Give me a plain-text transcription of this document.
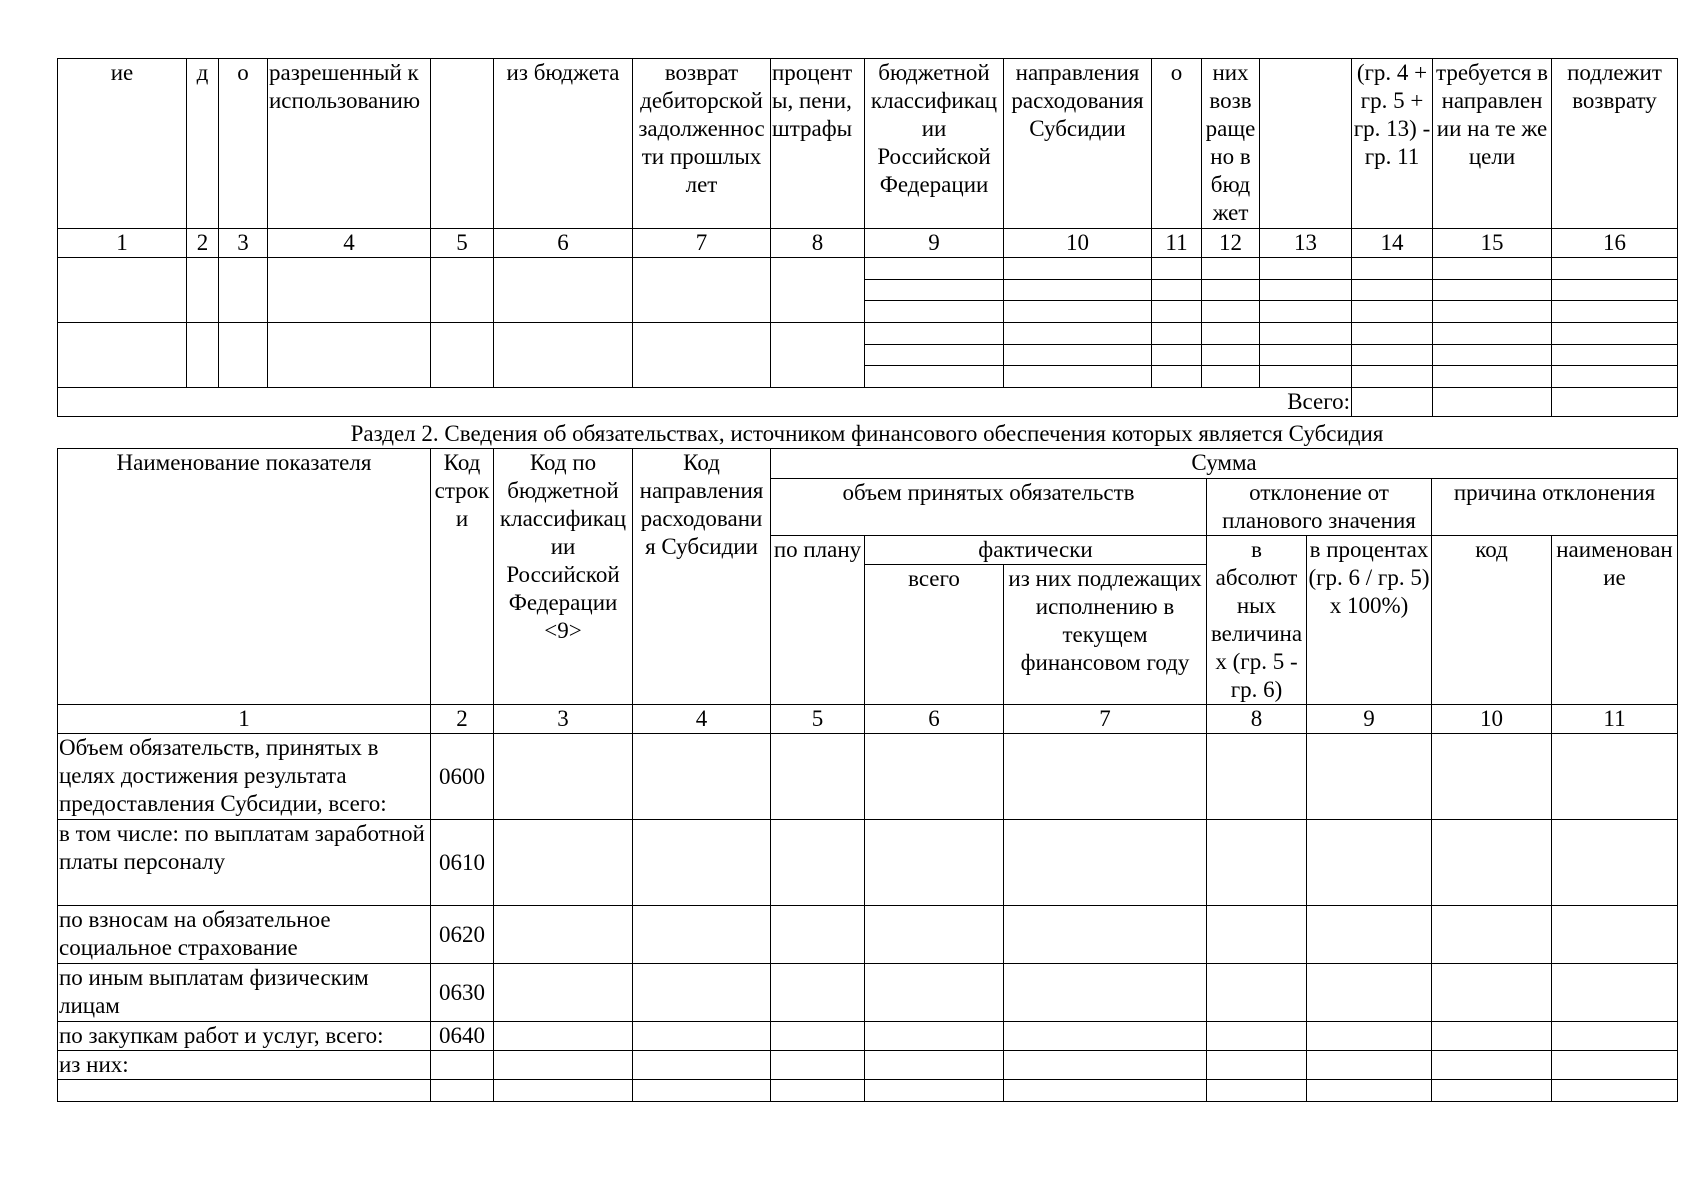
ие	д	о	разрешенный к использованию		из бюджета	возврат дебиторской задолженнос ти прошлых лет	процент ы, пени, штрафы	бюджетной классификац ии Российской Федерации	направления расходования Субсидии	о	них возв раще но в бюд жет		(гр. 4 + гр. 5 + гр. 13) - гр. 11	требуется в направлен ии на те же цели	подлежит возврату
1	2	3	4	5	6	7	8	9	10	11	12	13	14	15	16

Всего:															
Раздел 2. Сведения об обязательствах, источником финансового обеспечения которых является Субсидия
Наименование показателя	Код строк и	Код по бюджетной классификац ии Российской Федерации <9>	Код направления расходовани я Субсидии	Сумма						
				объем принятых обязательств			отклонение от планового значения		причина отклонения	
				по плану	фактически		в абсолют ных величина х (гр. 5 - гр. 6)	в процентах (гр. 6 / гр. 5) x 100%)	код	наименован ие
					всего	из них подлежащих исполнению в текущем финансовом году				

1	2	3	4	5	6	7	8	9	10	11
Объем обязательств, принятых в целях достижения результата предоставления Субсидии, всего:	0600									
в том числе: по выплатам заработной платы персоналу	0610									
по взносам на обязательное социальное страхование	0620									
по иным выплатам физическим лицам	0630									
по закупкам работ и услуг, всего:	0640									
из них:										
